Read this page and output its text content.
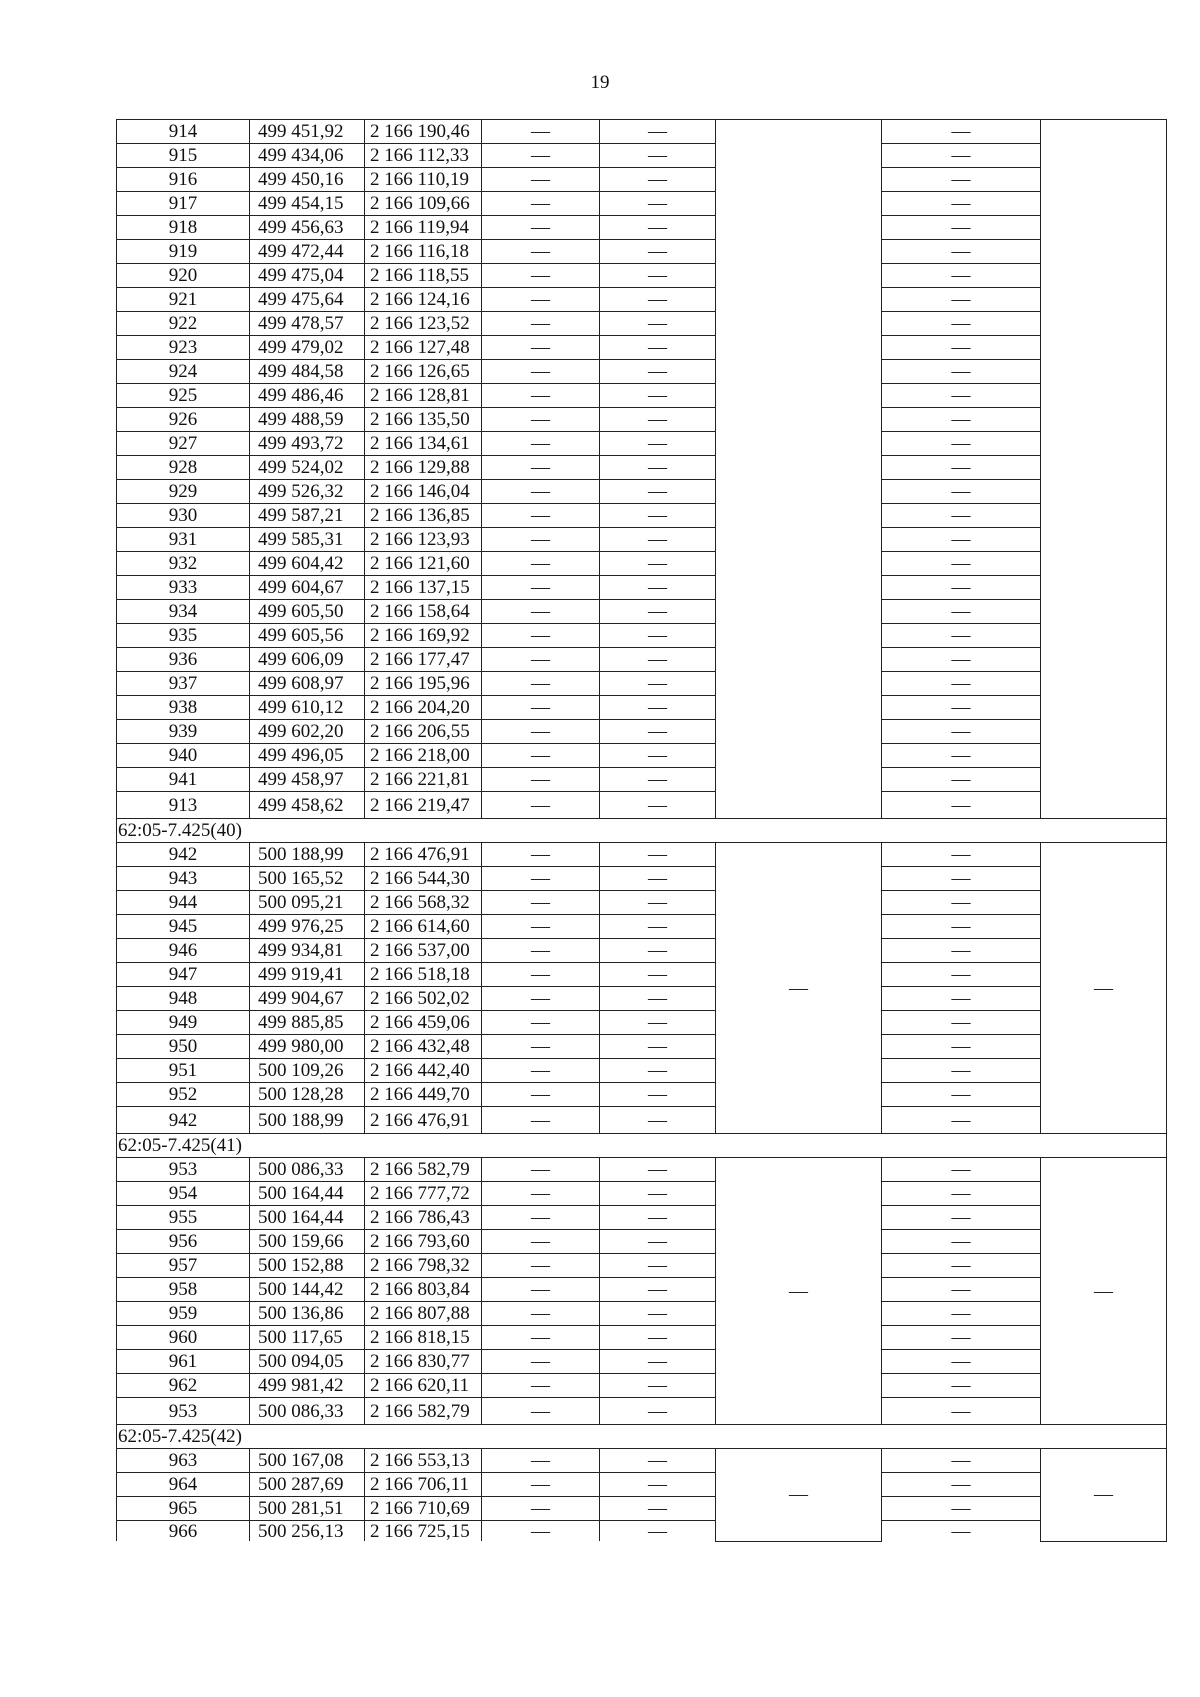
19
914	499 451,92	2 166 190,46	—	—		—	
915	499 434,06	2 166 112,33	—	—		—	
916	499 450,16	2 166 110,19	—	—		—	
917	499 454,15	2 166 109,66	—	—		—	
918	499 456,63	2 166 119,94	—	—		—	
919	499 472,44	2 166 116,18	—	—		—	
920	499 475,04	2 166 118,55	—	—		—	
921	499 475,64	2 166 124,16	—	—		—	
922	499 478,57	2 166 123,52	—	—		—	
923	499 479,02	2 166 127,48	—	—		—	
924	499 484,58	2 166 126,65	—	—		—	
925	499 486,46	2 166 128,81	—	—		—	
926	499 488,59	2 166 135,50	—	—		—	
927	499 493,72	2 166 134,61	—	—		—	
928	499 524,02	2 166 129,88	—	—		—	
929	499 526,32	2 166 146,04	—	—		—	
930	499 587,21	2 166 136,85	—	—		—	
931	499 585,31	2 166 123,93	—	—		—	
932	499 604,42	2 166 121,60	—	—		—	
933	499 604,67	2 166 137,15	—	—		—	
934	499 605,50	2 166 158,64	—	—		—	
935	499 605,56	2 166 169,92	—	—		—	
936	499 606,09	2 166 177,47	—	—		—	
937	499 608,97	2 166 195,96	—	—		—	
938	499 610,12	2 166 204,20	—	—		—	
939	499 602,20	2 166 206,55	—	—		—	
940	499 496,05	2 166 218,00	—	—		—	
941	499 458,97	2 166 221,81	—	—		—	
913	499 458,62	2 166 219,47	—	—		—	
62:05-7.425(40)							
942	500 188,99	2 166 476,91	—	—	—	—	—
943	500 165,52	2 166 544,30	—	—		—	
944	500 095,21	2 166 568,32	—	—		—	
945	499 976,25	2 166 614,60	—	—		—	
946	499 934,81	2 166 537,00	—	—		—	
947	499 919,41	2 166 518,18	—	—		—	
948	499 904,67	2 166 502,02	—	—		—	
949	499 885,85	2 166 459,06	—	—		—	
950	499 980,00	2 166 432,48	—	—		—	
951	500 109,26	2 166 442,40	—	—		—	
952	500 128,28	2 166 449,70	—	—		—	
942	500 188,99	2 166 476,91	—	—		—	
62:05-7.425(41)							
953	500 086,33	2 166 582,79	—	—	—	—	—
954	500 164,44	2 166 777,72	—	—		—	
955	500 164,44	2 166 786,43	—	—		—	
956	500 159,66	2 166 793,60	—	—		—	
957	500 152,88	2 166 798,32	—	—		—	
958	500 144,42	2 166 803,84	—	—		—	
959	500 136,86	2 166 807,88	—	—		—	
960	500 117,65	2 166 818,15	—	—		—	
961	500 094,05	2 166 830,77	—	—		—	
962	499 981,42	2 166 620,11	—	—		—	
953	500 086,33	2 166 582,79	—	—		—	
62:05-7.425(42)							
963	500 167,08	2 166 553,13	—	—	—	—	—
964	500 287,69	2 166 706,11	—	—		—	
965	500 281,51	2 166 710,69	—	—		—	
966	500 256,13	2 166 725,15	—	—		—	
